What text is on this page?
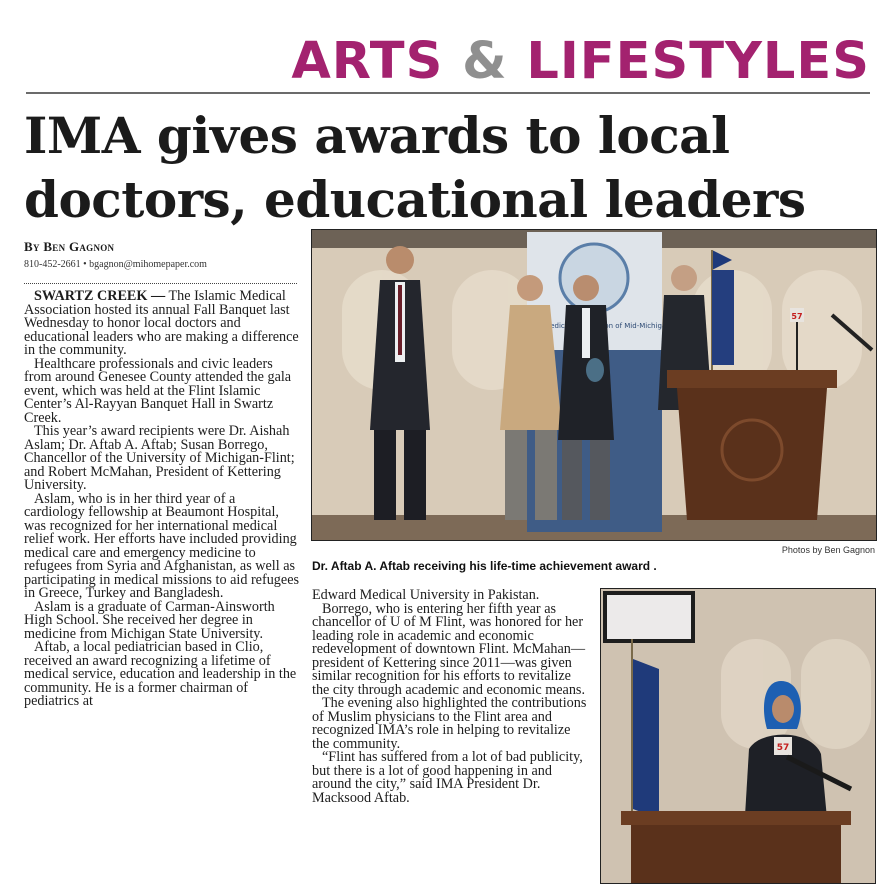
ARTS & LIFESTYLES
IMA gives awards to local
doctors, educational leaders
By Ben Gagnon
810-452-2661 • bgagnon@mihomepaper.com

SWARTZ CREEK — The Islamic Medical Association hosted its annual Fall Banquet last Wednesday to honor local doctors and educational leaders who are making a difference in the community.

Healthcare professionals and civic leaders from around Genesee County attended the gala event, which was held at the Flint Islamic Center’s Al-Rayyan Banquet Hall in Swartz Creek.

This year’s award recipients were Dr. Aishah Aslam; Dr. Aftab A. Aftab; Susan Borrego, Chancellor of the University of Michigan-Flint; and Robert McMahan, President of Kettering University.

Aslam, who is in her third year of a cardiology fellowship at Beaumont Hospital, was recognized for her international medical relief work. Her efforts have included providing medical care and emergency medicine to refugees from Syria and Afghanistan, as well as participating in medical missions to aid refugees in Greece, Turkey and Bangladesh.

Aslam is a graduate of Carman-Ainsworth High School. She received her degree in medicine from Michigan State University.

Aftab, a local pediatrician based in Clio, received an award recognizing a lifetime of medical service, education and leadership in the community. He is a former chairman of pediatrics at

Medical of Mid-Michigan
57
Photos by Ben Gagnon
Dr. Aftab A. Aftab receiving his life-time achievement award .

Edward Medical University in Pakistan.

Borrego, who is entering her fifth year as chancellor of U of M Flint, was honored for her leading role in academic and economic redevelopment of downtown Flint. McMahan—president of Kettering since 2011—was given similar recognition for his efforts to revitalize the city through academic and economic means.

The evening also highlighted the contributions of Muslim physicians to the Flint area and recognized IMA’s role in helping to revitalize the community.

“Flint has suffered from a lot of bad publicity, but there is a lot of good happening in and around the city,” said IMA President Dr. Macksood Aftab.

57
